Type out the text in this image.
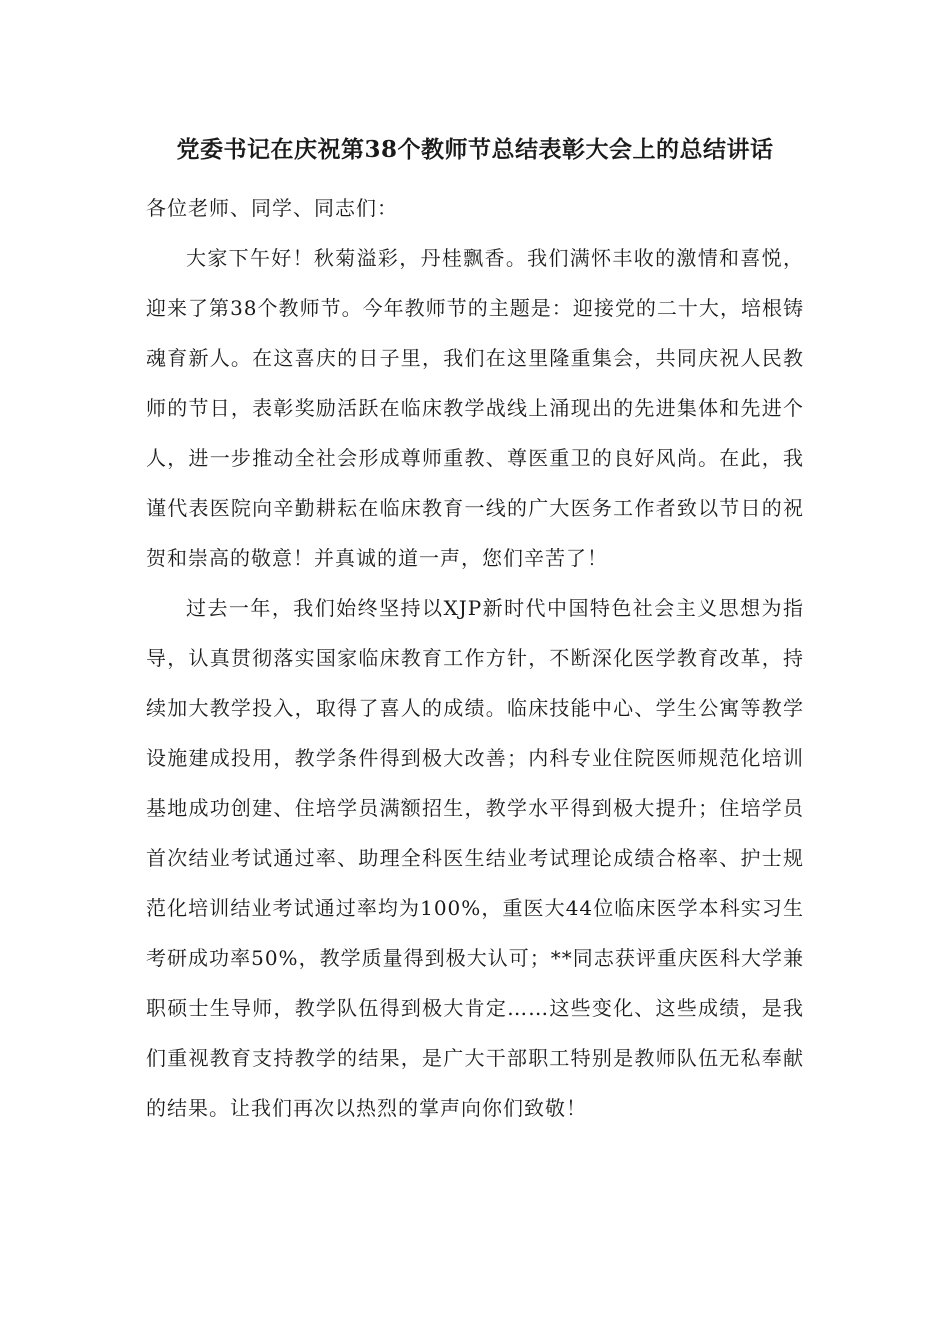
党委书记在庆祝第38个教师节总结表彰大会上的总结讲话

各位老师、同学、同志们：

大家下午好！秋菊溢彩，丹桂飘香。我们满怀丰收的激情和喜悦，迎来了第38个教师节。今年教师节的主题是：迎接党的二十大，培根铸魂育新人。在这喜庆的日子里，我们在这里隆重集会，共同庆祝人民教师的节日，表彰奖励活跃在临床教学战线上涌现出的先进集体和先进个人，进一步推动全社会形成尊师重教、尊医重卫的良好风尚。在此，我谨代表医院向辛勤耕耘在临床教育一线的广大医务工作者致以节日的祝贺和崇高的敬意！并真诚的道一声，您们辛苦了！

过去一年，我们始终坚持以XJP新时代中国特色社会主义思想为指导，认真贯彻落实国家临床教育工作方针，不断深化医学教育改革，持续加大教学投入，取得了喜人的成绩。临床技能中心、学生公寓等教学设施建成投用，教学条件得到极大改善；内科专业住院医师规范化培训基地成功创建、住培学员满额招生，教学水平得到极大提升；住培学员首次结业考试通过率、助理全科医生结业考试理论成绩合格率、护士规范化培训结业考试通过率均为100%，重医大44位临床医学本科实习生考研成功率50%，教学质量得到极大认可；**同志获评重庆医科大学兼职硕士生导师，教学队伍得到极大肯定……这些变化、这些成绩，是我们重视教育支持教学的结果，是广大干部职工特别是教师队伍无私奉献的结果。让我们再次以热烈的掌声向你们致敬！
